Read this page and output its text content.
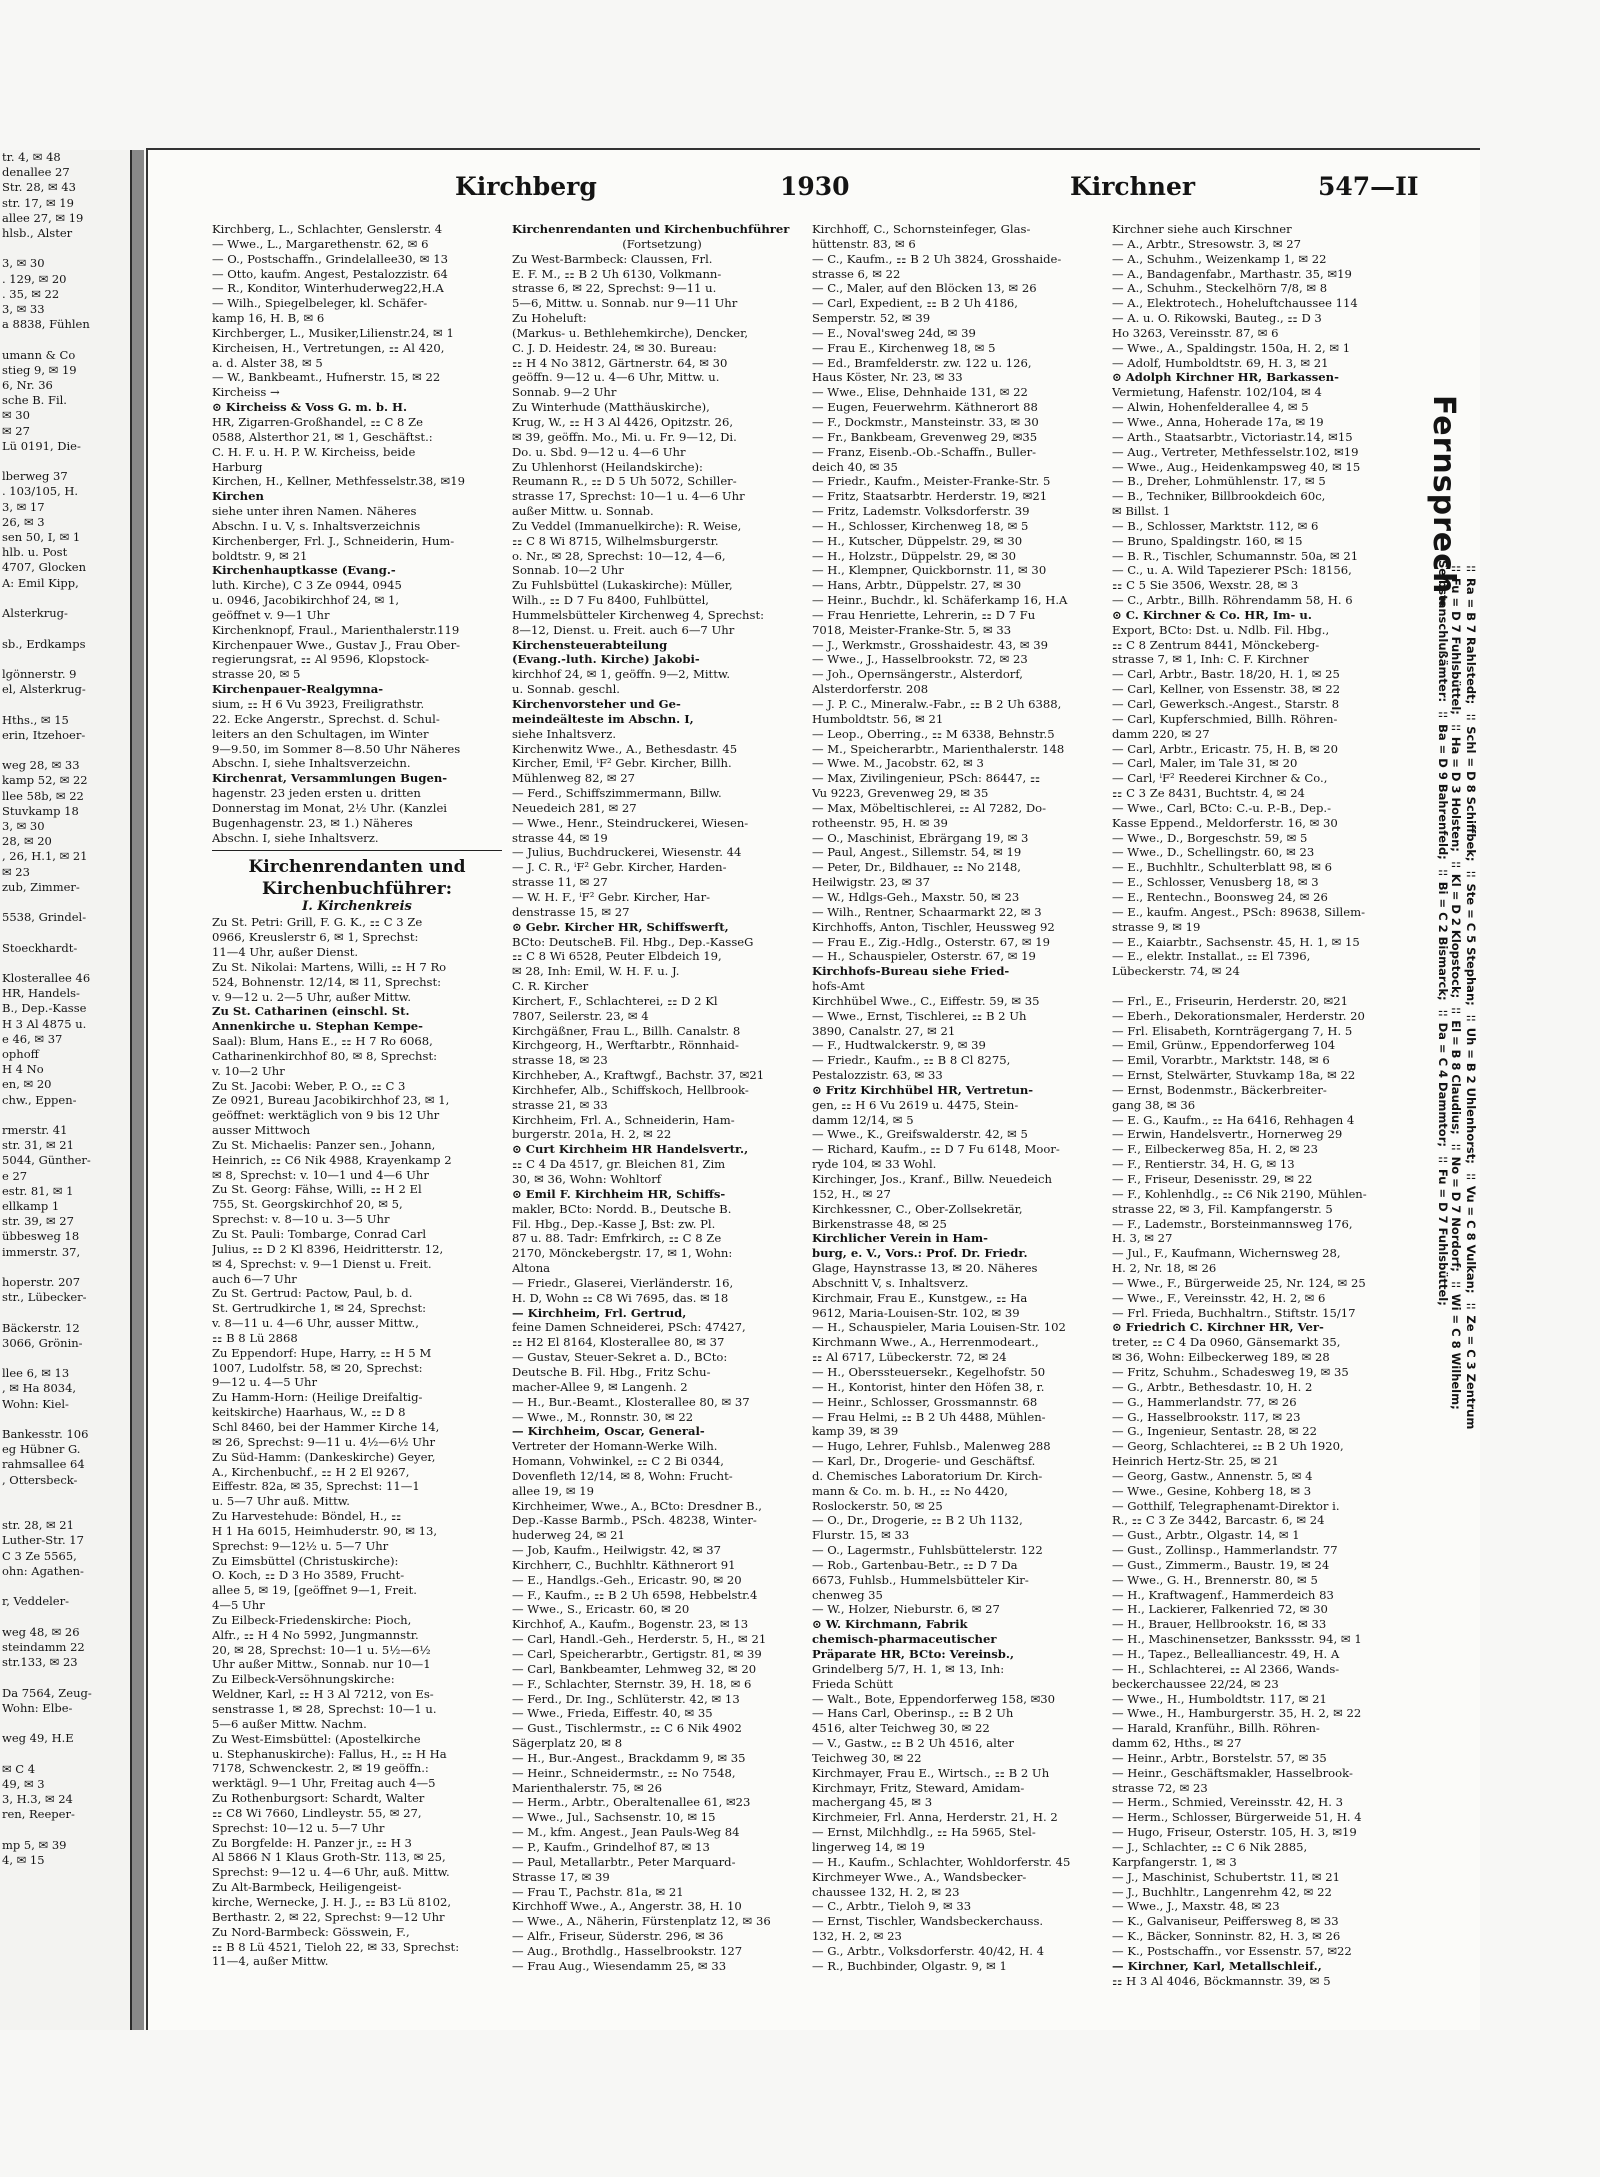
tr. 4, ✉ 48
denallee 27
Str. 28, ✉ 43
str. 17, ✉ 19
allee 27, ✉ 19
hlsb., Alster

3, ✉ 30
. 129, ✉ 20
. 35, ✉ 22
3, ✉ 33
a 8838, Fühlen

umann & Co
stieg 9, ✉ 19
6, Nr. 36
sche B. Fil.
✉ 30
✉ 27
Lü 0191, Die-

lberweg 37
. 103/105, H.
3, ✉ 17
26, ✉ 3
sen 50, I, ✉ 1
hlb. u. Post
4707, Glocken
A: Emil Kipp,

Alsterkrug-

sb., Erdkamps

lgönnerstr. 9
el, Alsterkrug-

Hths., ✉ 15
erin, Itzehoer-

weg 28, ✉ 33
kamp 52, ✉ 22
llee 58b, ✉ 22
Stuvkamp 18
3, ✉ 30
28, ✉ 20
, 26, H.1, ✉ 21
✉ 23
zub, Zimmer-

5538, Grindel-

Stoeckhardt-

Klosterallee 46
HR, Handels-
B., Dep.-Kasse
H 3 Al 4875 u.
e 46, ✉ 37
ophoff
H 4 No
en, ✉ 20
chw., Eppen-

rmerstr. 41
str. 31, ✉ 21
5044, Günther-
e 27
estr. 81, ✉ 1
ellkamp 1
str. 39, ✉ 27
übbesweg 18
immerstr. 37,

hoperstr. 207
str., Lübecker-

Bäckerstr. 12
3066, Grönin-

llee 6, ✉ 13
, ✉ Ha 8034,
Wohn: Kiel-

Bankesstr. 106
eg Hübner G.
rahmsallee 64
, Ottersbeck-

str. 28, ✉ 21
Luther-Str. 17
C 3 Ze 5565,
ohn: Agathen-

r, Veddeler-

weg 48, ✉ 26
steindamm 22
str.133, ✉ 23

Da 7564, Zeug-
Wohn: Elbe-

weg 49, H.E

✉ C 4
49, ✉ 3
3, H.3, ✉ 24
ren, Reeper-

mp 5, ✉ 39
4, ✉ 15
Kirchberg	1930	Kirchner	547—II
Kirchberg, L., Schlachter, Genslerstr. 4
— Wwe., L., Margarethenstr. 62, ✉ 6
— O., Postschaffn., Grindelallee30, ✉ 13
— Otto, kaufm. Angest, Pestalozzistr. 64
— R., Konditor, Winterhuderweg22,H.A
— Wilh., Spiegelbeleger, kl. Schäfer-
kamp 16, H. B, ✉ 6
Kirchberger, L., Musiker,Lilienstr.24, ✉ 1
Kircheisen, H., Vertretungen, ⚏ Al 420,
a. d. Alster 38, ✉ 5
— W., Bankbeamt., Hufnerstr. 15, ✉ 22
Kircheiss →
⊙ Kircheiss & Voss G. m. b. H.
HR, Zigarren-Großhandel, ⚏ C 8 Ze
0588, Alsterthor 21, ✉ 1, Geschäftst.:
C. H. F. u. H. P. W. Kircheiss, beide
Harburg
Kirchen, H., Kellner, Methfesselstr.38, ✉19
Kirchen
siehe unter ihren Namen. Näheres
Abschn. I u. V, s. Inhaltsverzeichnis
Kirchenberger, Frl. J., Schneiderin, Hum-
boldtstr. 9, ✉ 21
Kirchenhauptkasse (Evang.-
luth. Kirche), C 3 Ze 0944, 0945
u. 0946, Jacobikirchhof 24, ✉ 1,
geöffnet v. 9—1 Uhr
Kirchenknopf, Fraul., Marienthalerstr.119
Kirchenpauer Wwe., Gustav J., Frau Ober-
regierungsrat, ⚏ Al 9596, Klopstock-
strasse 20, ✉ 5
Kirchenpauer-Realgymna-
sium, ⚏ H 6 Vu 3923, Freiligrathstr.
22. Ecke Angerstr., Sprechst. d. Schul-
leiters an den Schultagen, im Winter
9—9.50, im Sommer 8—8.50 Uhr Näheres
Abschn. I, siehe Inhaltsverzeichn.
Kirchenrat, Versammlungen Bugen-
hagenstr. 23 jeden ersten u. dritten
Donnerstag im Monat, 2½ Uhr. (Kanzlei
Bugenhagenstr. 23, ✉ 1.) Näheres
Abschn. I, siehe Inhaltsverz.
Kirchenrendanten und
Kirchenbuchführer:
I. Kirchenkreis
Zu St. Petri: Grill, F. G. K., ⚏ C 3 Ze
0966, Kreuslerstr 6, ✉ 1, Sprechst:
11—4 Uhr, außer Dienst.
Zu St. Nikolai: Martens, Willi, ⚏ H 7 Ro
524, Bohnenstr. 12/14, ✉ 11, Sprechst:
v. 9—12 u. 2—5 Uhr, außer Mittw.
Zu St. Catharinen (einschl. St.
Annenkirche u. Stephan Kempe-
Saal): Blum, Hans E., ⚏ H 7 Ro 6068,
Catharinenkirchhof 80, ✉ 8, Sprechst:
v. 10—2 Uhr
Zu St. Jacobi: Weber, P. O., ⚏ C 3
Ze 0921, Bureau Jacobikirchhof 23, ✉ 1,
geöffnet: werktäglich von 9 bis 12 Uhr
ausser Mittwoch
Zu St. Michaelis: Panzer sen., Johann,
Heinrich, ⚏ C6 Nik 4988, Krayenkamp 2
✉ 8, Sprechst: v. 10—1 und 4—6 Uhr
Zu St. Georg: Fähse, Willi, ⚏ H 2 El
755, St. Georgskirchhof 20, ✉ 5,
Sprechst: v. 8—10 u. 3—5 Uhr
Zu St. Pauli: Tombarge, Conrad Carl
Julius, ⚏ D 2 Kl 8396, Heidritterstr. 12,
✉ 4, Sprechst: v. 9—1 Dienst u. Freit.
auch 6—7 Uhr
Zu St. Gertrud: Pactow, Paul, b. d.
St. Gertrudkirche 1, ✉ 24, Sprechst:
v. 8—11 u. 4—6 Uhr, ausser Mittw.,
⚏ B 8 Lü 2868
Zu Eppendorf: Hupe, Harry, ⚏ H 5 M
1007, Ludolfstr. 58, ✉ 20, Sprechst:
9—12 u. 4—5 Uhr
Zu Hamm-Horn: (Heilige Dreifaltig-
keitskirche) Haarhaus, W., ⚏ D 8
Schl 8460, bei der Hammer Kirche 14,
✉ 26, Sprechst: 9—11 u. 4½—6½ Uhr
Zu Süd-Hamm: (Dankeskirche) Geyer,
A., Kirchenbuchf., ⚏ H 2 El 9267,
Eiffestr. 82a, ✉ 35, Sprechst: 11—1
u. 5—7 Uhr auß. Mittw.
Zu Harvestehude: Böndel, H., ⚏
H 1 Ha 6015, Heimhuderstr. 90, ✉ 13,
Sprechst: 9—12½ u. 5—7 Uhr
Zu Eimsbüttel (Christuskirche):
O. Koch, ⚏ D 3 Ho 3589, Frucht-
allee 5, ✉ 19, [geöffnet 9—1, Freit.
4—5 Uhr
Zu Eilbeck-Friedenskirche: Pioch,
Alfr., ⚏ H 4 No 5992, Jungmannstr.
20, ✉ 28, Sprechst: 10—1 u. 5½—6½
Uhr außer Mittw., Sonnab. nur 10—1
Zu Eilbeck-Versöhnungskirche:
Weldner, Karl, ⚏ H 3 Al 7212, von Es-
senstrasse 1, ✉ 28, Sprechst: 10—1 u.
5—6 außer Mittw. Nachm.
Zu West-Eimsbüttel: (Apostelkirche
u. Stephanuskirche): Fallus, H., ⚏ H Ha
7178, Schwenckestr. 2, ✉ 19 geöffn.:
werktägl. 9—1 Uhr, Freitag auch 4—5
Zu Rothenburgsort: Schardt, Walter
⚏ C8 Wi 7660, Lindleystr. 55, ✉ 27,
Sprechst: 10—12 u. 5—7 Uhr
Zu Borgfelde: H. Panzer jr., ⚏ H 3
Al 5866 N 1 Klaus Groth-Str. 113, ✉ 25,
Sprechst: 9—12 u. 4—6 Uhr, auß. Mittw.
Zu Alt-Barmbeck, Heiligengeist-
kirche, Wernecke, J. H. J., ⚏ B3 Lü 8102,
Berthastr. 2, ✉ 22, Sprechst: 9—12 Uhr
Zu Nord-Barmbeck: Gösswein, F.,
⚏ B 8 Lü 4521, Tieloh 22, ✉ 33, Sprechst:
11—4, außer Mittw.
Kirchenrendanten und Kirchenbuchführer
(Fortsetzung)
Zu West-Barmbeck: Claussen, Frl.
E. F. M., ⚏ B 2 Uh 6130, Volkmann-
strasse 6, ✉ 22, Sprechst: 9—11 u.
5—6, Mittw. u. Sonnab. nur 9—11 Uhr
Zu Hoheluft:
(Markus- u. Bethlehemkirche), Dencker,
C. J. D. Heidestr. 24, ✉ 30. Bureau:
⚏ H 4 No 3812, Gärtnerstr. 64, ✉ 30
geöffn. 9—12 u. 4—6 Uhr, Mittw. u.
Sonnab. 9—2 Uhr
Zu Winterhude (Matthäuskirche),
Krug, W., ⚏ H 3 Al 4426, Opitzstr. 26,
✉ 39, geöffn. Mo., Mi. u. Fr. 9—12, Di.
Do. u. Sbd. 9—12 u. 4—6 Uhr
Zu Uhlenhorst (Heilandskirche):
Reumann R., ⚏ D 5 Uh 5072, Schiller-
strasse 17, Sprechst: 10—1 u. 4—6 Uhr
außer Mittw. u. Sonnab.
Zu Veddel (Immanuelkirche): R. Weise,
⚏ C 8 Wi 8715, Wilhelmsburgerstr.
o. Nr., ✉ 28, Sprechst: 10—12, 4—6,
Sonnab. 10—2 Uhr
Zu Fuhlsbüttel (Lukaskirche): Müller,
Wilh., ⚏ D 7 Fu 8400, Fuhlbüttel,
Hummelsbütteler Kirchenweg 4, Sprechst:
8—12, Dienst. u. Freit. auch 6—7 Uhr
Kirchensteuerabteilung
(Evang.-luth. Kirche) Jakobi-
kirchhof 24, ✉ 1, geöffn. 9—2, Mittw.
u. Sonnab. geschl.
Kirchenvorsteher und Ge-
meindeälteste im Abschn. I,
siehe Inhaltsverz.
Kirchenwitz Wwe., A., Bethesdastr. 45
Kircher, Emil, ⁱF² Gebr. Kircher, Billh.
Mühlenweg 82, ✉ 27
— Ferd., Schiffszimmermann, Billw.
Neuedeich 281, ✉ 27
— Wwe., Henr., Steindruckerei, Wiesen-
strasse 44, ✉ 19
— Julius, Buchdruckerei, Wiesenstr. 44
— J. C. R., ⁱF² Gebr. Kircher, Harden-
strasse 11, ✉ 27
— W. H. F., ⁱF² Gebr. Kircher, Har-
denstrasse 15, ✉ 27
⊙ Gebr. Kircher HR, Schiffswerft,
BCto: DeutscheB. Fil. Hbg., Dep.-KasseG
⚏ C 8 Wi 6528, Peuter Elbdeich 19,
✉ 28, Inh: Emil, W. H. F. u. J.
C. R. Kircher
Kirchert, F., Schlachterei, ⚏ D 2 Kl
7807, Seilerstr. 23, ✉ 4
Kirchgäßner, Frau L., Billh. Canalstr. 8
Kirchgeorg, H., Werftarbtr., Rönnhaid-
strasse 18, ✉ 23
Kirchheber, A., Kraftwgf., Bachstr. 37, ✉21
Kirchhefer, Alb., Schiffskoch, Hellbrook-
strasse 21, ✉ 33
Kirchheim, Frl. A., Schneiderin, Ham-
burgerstr. 201a, H. 2, ✉ 22
⊙ Curt Kirchheim HR Handelsvertr.,
⚏ C 4 Da 4517, gr. Bleichen 81, Zim
30, ✉ 36, Wohn: Wohltorf
⊙ Emil F. Kirchheim HR, Schiffs-
makler, BCto: Nordd. B., Deutsche B.
Fil. Hbg., Dep.-Kasse J, Bst: zw. Pl.
87 u. 88. Tadr: Emfrkirch, ⚏ C 8 Ze
2170, Mönckebergstr. 17, ✉ 1, Wohn:
Altona
— Friedr., Glaserei, Vierländerstr. 16,
H. D, Wohn ⚏ C8 Wi 7695, das. ✉ 18
— Kirchheim, Frl. Gertrud,
feine Damen Schneiderei, PSch: 47427,
⚏ H2 El 8164, Klosterallee 80, ✉ 37
— Gustav, Steuer-Sekret a. D., BCto:
Deutsche B. Fil. Hbg., Fritz Schu-
macher-Allee 9, ✉ Langenh. 2
— H., Bur.-Beamt., Klosterallee 80, ✉ 37
— Wwe., M., Ronnstr. 30, ✉ 22
— Kirchheim, Oscar, General-
Vertreter der Homann-Werke Wilh.
Homann, Vohwinkel, ⚏ C 2 Bi 0344,
Dovenfleth 12/14, ✉ 8, Wohn: Frucht-
allee 19, ✉ 19
Kirchheimer, Wwe., A., BCto: Dresdner B.,
Dep.-Kasse Barmb., PSch. 48238, Winter-
huderweg 24, ✉ 21
— Job, Kaufm., Heilwigstr. 42, ✉ 37
Kirchherr, C., Buchhltr. Käthnerort 91
— E., Handlgs.-Geh., Ericastr. 90, ✉ 20
— F., Kaufm., ⚏ B 2 Uh 6598, Hebbelstr.4
— Wwe., S., Ericastr. 60, ✉ 20
Kirchhof, A., Kaufm., Bogenstr. 23, ✉ 13
— Carl, Handl.-Geh., Herderstr. 5, H., ✉ 21
— Carl, Speicherarbtr., Gertigstr. 81, ✉ 39
— Carl, Bankbeamter, Lehmweg 32, ✉ 20
— F., Schlachter, Sternstr. 39, H. 18, ✉ 6
— Ferd., Dr. Ing., Schlüterstr. 42, ✉ 13
— Wwe., Frieda, Eiffestr. 40, ✉ 35
— Gust., Tischlermstr., ⚏ C 6 Nik 4902
Sägerplatz 20, ✉ 8
— H., Bur.-Angest., Brackdamm 9, ✉ 35
— Heinr., Schneidermstr., ⚏ No 7548,
Marienthalerstr. 75, ✉ 26
— Herm., Arbtr., Oberaltenallee 61, ✉23
— Wwe., Jul., Sachsenstr. 10, ✉ 15
— M., kfm. Angest., Jean Pauls-Weg 84
— P., Kaufm., Grindelhof 87, ✉ 13
— Paul, Metallarbtr., Peter Marquard-
Strasse 17, ✉ 39
— Frau T., Pachstr. 81a, ✉ 21
Kirchhoff Wwe., A., Angerstr. 38, H. 10
— Wwe., A., Näherin, Fürstenplatz 12, ✉ 36
— Alfr., Friseur, Süderstr. 296, ✉ 36
— Aug., Brothdlg., Hasselbrookstr. 127
— Frau Aug., Wiesendamm 25, ✉ 33
Kirchhoff, C., Schornsteinfeger, Glas-
hüttenstr. 83, ✉ 6
— C., Kaufm., ⚏ B 2 Uh 3824, Grosshaide-
strasse 6, ✉ 22
— C., Maler, auf den Blöcken 13, ✉ 26
— Carl, Expedient, ⚏ B 2 Uh 4186,
Semperstr. 52, ✉ 39
— E., Noval'sweg 24d, ✉ 39
— Frau E., Kirchenweg 18, ✉ 5
— Ed., Bramfelderstr. zw. 122 u. 126,
Haus Köster, Nr. 23, ✉ 33
— Wwe., Elise, Dehnhaide 131, ✉ 22
— Eugen, Feuerwehrm. Käthnerort 88
— F., Dockmstr., Mansteinstr. 33, ✉ 30
— Fr., Bankbeam, Grevenweg 29, ✉35
— Franz, Eisenb.-Ob.-Schaffn., Buller-
deich 40, ✉ 35
— Friedr., Kaufm., Meister-Franke-Str. 5
— Fritz, Staatsarbtr. Herderstr. 19, ✉21
— Fritz, Lademstr. Volksdorferstr. 39
— H., Schlosser, Kirchenweg 18, ✉ 5
— H., Kutscher, Düppelstr. 29, ✉ 30
— H., Holzstr., Düppelstr. 29, ✉ 30
— H., Klempner, Quickbornstr. 11, ✉ 30
— Hans, Arbtr., Düppelstr. 27, ✉ 30
— Heinr., Buchdr., kl. Schäferkamp 16, H.A
— Frau Henriette, Lehrerin, ⚏ D 7 Fu
7018, Meister-Franke-Str. 5, ✉ 33
— J., Werkmstr., Grosshaidestr. 43, ✉ 39
— Wwe., J., Hasselbrookstr. 72, ✉ 23
— Joh., Opernsängerstr., Alsterdorf,
Alsterdorferstr. 208
— J. P. C., Mineralw.-Fabr., ⚏ B 2 Uh 6388,
Humboldtstr. 56, ✉ 21
— Leop., Oberring., ⚏ M 6338, Behnstr.5
— M., Speicherarbtr., Marienthalerstr. 148
— Wwe. M., Jacobstr. 62, ✉ 3
— Max, Zivilingenieur, PSch: 86447, ⚏
Vu 9223, Grevenweg 29, ✉ 35
— Max, Möbeltischlerei, ⚏ Al 7282, Do-
rotheenstr. 95, H. ✉ 39
— O., Maschinist, Ebrärgang 19, ✉ 3
— Paul, Angest., Sillemstr. 54, ✉ 19
— Peter, Dr., Bildhauer, ⚏ No 2148,
Heilwigstr. 23, ✉ 37
— W., Hdlgs-Geh., Maxstr. 50, ✉ 23
— Wilh., Rentner, Schaarmarkt 22, ✉ 3
Kirchhoffs, Anton, Tischler, Heussweg 92
— Frau E., Zig.-Hdlg., Osterstr. 67, ✉ 19
— H., Schauspieler, Osterstr. 67, ✉ 19
Kirchhofs-Bureau siehe Fried-
hofs-Amt
Kirchhübel Wwe., C., Eiffestr. 59, ✉ 35
— Wwe., Ernst, Tischlerei, ⚏ B 2 Uh
3890, Canalstr. 27, ✉ 21
— F., Hudtwalckerstr. 9, ✉ 39
— Friedr., Kaufm., ⚏ B 8 Cl 8275,
Pestalozzistr. 63, ✉ 33
⊙ Fritz Kirchhübel HR, Vertretun-
gen, ⚏ H 6 Vu 2619 u. 4475, Stein-
damm 12/14, ✉ 5
— Wwe., K., Greifswalderstr. 42, ✉ 5
— Richard, Kaufm., ⚏ D 7 Fu 6148, Moor-
ryde 104, ✉ 33 Wohl.
Kirchinger, Jos., Kranf., Billw. Neuedeich
152, H., ✉ 27
Kirchkessner, C., Ober-Zollsekretär,
Birkenstrasse 48, ✉ 25
Kirchlicher Verein in Ham-
burg, e. V., Vors.: Prof. Dr. Friedr.
Glage, Haynstrasse 13, ✉ 20. Näheres
Abschnitt V, s. Inhaltsverz.
Kirchmair, Frau E., Kunstgew., ⚏ Ha
9612, Maria-Louisen-Str. 102, ✉ 39
— H., Schauspieler, Maria Louisen-Str. 102
Kirchmann Wwe., A., Herrenmodeart.,
⚏ Al 6717, Lübeckerstr. 72, ✉ 24
— H., Oberssteuersekr., Kegelhofstr. 50
— H., Kontorist, hinter den Höfen 38, r.
— Heinr., Schlosser, Grossmannstr. 68
— Frau Helmi, ⚏ B 2 Uh 4488, Mühlen-
kamp 39, ✉ 39
— Hugo, Lehrer, Fuhlsb., Malenweg 288
— Karl, Dr., Drogerie- und Geschäftsf.
d. Chemisches Laboratorium Dr. Kirch-
mann & Co. m. b. H., ⚏ No 4420,
Roslockerstr. 50, ✉ 25
— O., Dr., Drogerie, ⚏ B 2 Uh 1132,
Flurstr. 15, ✉ 33
— O., Lagermstr., Fuhlsbüttelerstr. 122
— Rob., Gartenbau-Betr., ⚏ D 7 Da
6673, Fuhlsb., Hummelsbütteler Kir-
chenweg 35
— W., Holzer, Nieburstr. 6, ✉ 27
⊙ W. Kirchmann, Fabrik
chemisch-pharmaceutischer
Präparate HR, BCto: Vereinsb.,
Grindelberg 5/7, H. 1, ✉ 13, Inh:
Frieda Schütt
— Walt., Bote, Eppendorferweg 158, ✉30
— Hans Carl, Oberinsp., ⚏ B 2 Uh
4516, alter Teichweg 30, ✉ 22
— V., Gastw., ⚏ B 2 Uh 4516, alter
Teichweg 30, ✉ 22
Kirchmayer, Frau E., Wirtsch., ⚏ B 2 Uh
Kirchmayr, Fritz, Steward, Amidam-
machergang 45, ✉ 3
Kirchmeier, Frl. Anna, Herderstr. 21, H. 2
— Ernst, Milchhdlg., ⚏ Ha 5965, Stel-
lingerweg 14, ✉ 19
— H., Kaufm., Schlachter, Wohldorferstr. 45
Kirchmeyer Wwe., A., Wandsbecker-
chaussee 132, H. 2, ✉ 23
— C., Arbtr., Tieloh 9, ✉ 33
— Ernst, Tischler, Wandsbeckerchauss.
132, H. 2, ✉ 23
— G., Arbtr., Volksdorferstr. 40/42, H. 4
— R., Buchbinder, Olgastr. 9, ✉ 1
Kirchner siehe auch Kirschner
— A., Arbtr., Stresowstr. 3, ✉ 27
— A., Schuhm., Weizenkamp 1, ✉ 22
— A., Bandagenfabr., Marthastr. 35, ✉19
— A., Schuhm., Steckelhörn 7/8, ✉ 8
— A., Elektrotech., Hoheluftchaussee 114
— A. u. O. Rikowski, Bauteg., ⚏ D 3
Ho 3263, Vereinsstr. 87, ✉ 6
— Wwe., A., Spaldingstr. 150a, H. 2, ✉ 1
— Adolf, Humboldtstr. 69, H. 3, ✉ 21
⊙ Adolph Kirchner HR, Barkassen-
Vermietung, Hafenstr. 102/104, ✉ 4
— Alwin, Hohenfelderallee 4, ✉ 5
— Wwe., Anna, Hoherade 17a, ✉ 19
— Arth., Staatsarbtr., Victoriastr.14, ✉15
— Aug., Vertreter, Methfesselstr.102, ✉19
— Wwe., Aug., Heidenkampsweg 40, ✉ 15
— B., Dreher, Lohmühlenstr. 17, ✉ 5
— B., Techniker, Billbrookdeich 60c,
✉ Billst. 1
— B., Schlosser, Marktstr. 112, ✉ 6
— Bruno, Spaldingstr. 160, ✉ 15
— B. R., Tischler, Schumannstr. 50a, ✉ 21
— C., u. A. Wild Tapezierer PSch: 18156,
⚏ C 5 Sie 3506, Wexstr. 28, ✉ 3
— C., Arbtr., Billh. Röhrendamm 58, H. 6
⊙ C. Kirchner & Co. HR, Im- u.
Export, BCto: Dst. u. Ndlb. Fil. Hbg.,
⚏ C 8 Zentrum 8441, Mönckeberg-
strasse 7, ✉ 1, Inh: C. F. Kirchner
— Carl, Arbtr., Bastr. 18/20, H. 1, ✉ 25
— Carl, Kellner, von Essenstr. 38, ✉ 22
— Carl, Gewerksch.-Angest., Starstr. 8
— Carl, Kupferschmied, Billh. Röhren-
damm 220, ✉ 27
— Carl, Arbtr., Ericastr. 75, H. B, ✉ 20
— Carl, Maler, im Tale 31, ✉ 20
— Carl, ⁱF² Reederei Kirchner & Co.,
⚏ C 3 Ze 8431, Buchtstr. 4, ✉ 24
— Wwe., Carl, BCto: C.-u. P.-B., Dep.-
Kasse Eppend., Meldorferstr. 16, ✉ 30
— Wwe., D., Borgeschstr. 59, ✉ 5
— Wwe., D., Schellingstr. 60, ✉ 23
— E., Buchhltr., Schulterblatt 98, ✉ 6
— E., Schlosser, Venusberg 18, ✉ 3
— E., Rentechn., Boonsweg 24, ✉ 26
— E., kaufm. Angest., PSch: 89638, Sillem-
strasse 9, ✉ 19
— E., Kaiarbtr., Sachsenstr. 45, H. 1, ✉ 15
— E., elektr. Installat., ⚏ El 7396,
Lübeckerstr. 74, ✉ 24

— Frl., E., Friseurin, Herderstr. 20, ✉21
— Eberh., Dekorationsmaler, Herderstr. 20
— Frl. Elisabeth, Kornträgergang 7, H. 5
— Emil, Grünw., Eppendorferweg 104
— Emil, Vorarbtr., Marktstr. 148, ✉ 6
— Ernst, Stelwärter, Stuvkamp 18a, ✉ 22
— Ernst, Bodenmstr., Bäckerbreiter-
gang 38, ✉ 36
— E. G., Kaufm., ⚏ Ha 6416, Rehhagen 4
— Erwin, Handelsvertr., Hornerweg 29
— F., Eilbeckerweg 85a, H. 2, ✉ 23
— F., Rentierstr. 34, H. G, ✉ 13
— F., Friseur, Desenisstr. 29, ✉ 22
— F., Kohlenhdlg., ⚏ C6 Nik 2190, Mühlen-
strasse 22, ✉ 3, Fil. Kampfangerstr. 5
— F., Lademstr., Borsteinmannsweg 176,
H. 3, ✉ 27
— Jul., F., Kaufmann, Wichernsweg 28,
H. 2, Nr. 18, ✉ 26
— Wwe., F., Bürgerweide 25, Nr. 124, ✉ 25
— Wwe., F., Vereinsstr. 42, H. 2, ✉ 6
— Frl. Frieda, Buchhaltrn., Stiftstr. 15/17
⊙ Friedrich C. Kirchner HR, Ver-
treter, ⚏ C 4 Da 0960, Gänsemarkt 35,
✉ 36, Wohn: Eilbeckerweg 189, ✉ 28
— Fritz, Schuhm., Schadesweg 19, ✉ 35
— G., Arbtr., Bethesdastr. 10, H. 2
— G., Hammerlandstr. 77, ✉ 26
— G., Hasselbrookstr. 117, ✉ 23
— G., Ingenieur, Sentastr. 28, ✉ 22
— Georg, Schlachterei, ⚏ B 2 Uh 1920,
Heinrich Hertz-Str. 25, ✉ 21
— Georg, Gastw., Annenstr. 5, ✉ 4
— Wwe., Gesine, Kohberg 18, ✉ 3
— Gotthilf, Telegraphenamt-Direktor i.
R., ⚏ C 3 Ze 3442, Barcastr. 6, ✉ 24
— Gust., Arbtr., Olgastr. 14, ✉ 1
— Gust., Zollinsp., Hammerlandstr. 77
— Gust., Zimmerm., Baustr. 19, ✉ 24
— Wwe., G. H., Brennerstr. 80, ✉ 5
— H., Kraftwagenf., Hammerdeich 83
— H., Lackierer, Falkenried 72, ✉ 30
— H., Brauer, Hellbrookstr. 16, ✉ 33
— H., Maschinensetzer, Bankssstr. 94, ✉ 1
— H., Tapez., Bellealliancestr. 49, H. A
— H., Schlachterei, ⚏ Al 2366, Wands-
beckerchaussee 22/24, ✉ 23
— Wwe., H., Humboldtstr. 117, ✉ 21
— Wwe., H., Hamburgerstr. 35, H. 2, ✉ 22
— Harald, Kranführ., Billh. Röhren-
damm 62, Hths., ✉ 27
— Heinr., Arbtr., Borstelstr. 57, ✉ 35
— Heinr., Geschäftsmakler, Hasselbrook-
strasse 72, ✉ 23
— Herm., Schmied, Vereinsstr. 42, H. 3
— Herm., Schlosser, Bürgerweide 51, H. 4
— Hugo, Friseur, Osterstr. 105, H. 3, ✉19
— J., Schlachter, ⚏ C 6 Nik 2885,
Karpfangerstr. 1, ✉ 3
— J., Maschinist, Schubertstr. 11, ✉ 21
— J., Buchhltr., Langenrehm 42, ✉ 22
— Wwe., J., Maxstr. 48, ✉ 23
— K., Galvaniseur, Peiffersweg 8, ✉ 33
— K., Bäcker, Sonninstr. 82, H. 3, ✉ 26
— K., Postschaffn., vor Essenstr. 57, ✉22
— Kirchner, Karl, Metallschleif.,
⚏ H 3 Al 4046, Böckmannstr. 39, ✉ 5
Fernsprech-
⚏ Ra = B 7 Rahlstedt; ⚏ Schl = D 8 Schiffbek; ⚏ Ste = C 5 Stephan; ⚏ Uh = B 2 Uhlenhorst; ⚏ Vu = C 8 Vulkan; ⚏ Ze = C 3 Zentrum
⚏ Fu = D 7 Fuhlsbüttel; ⚏ Ha = D 3 Holsten; ⚏ Kl = D 2 Klopstock; ⚏ El = B 8 Claudius; ⚏ No = D 7 Nordorf; ⚏ Wi = C 8 Wilhelm;
Selbstanschlußämter: ⚏ Ba = D 9 Bahrenfeld; ⚏ Bi = C 2 Bismarck; ⚏ Da = C 4 Dammtor; ⚏ Fu = D 7 Fuhlsbüttel;
